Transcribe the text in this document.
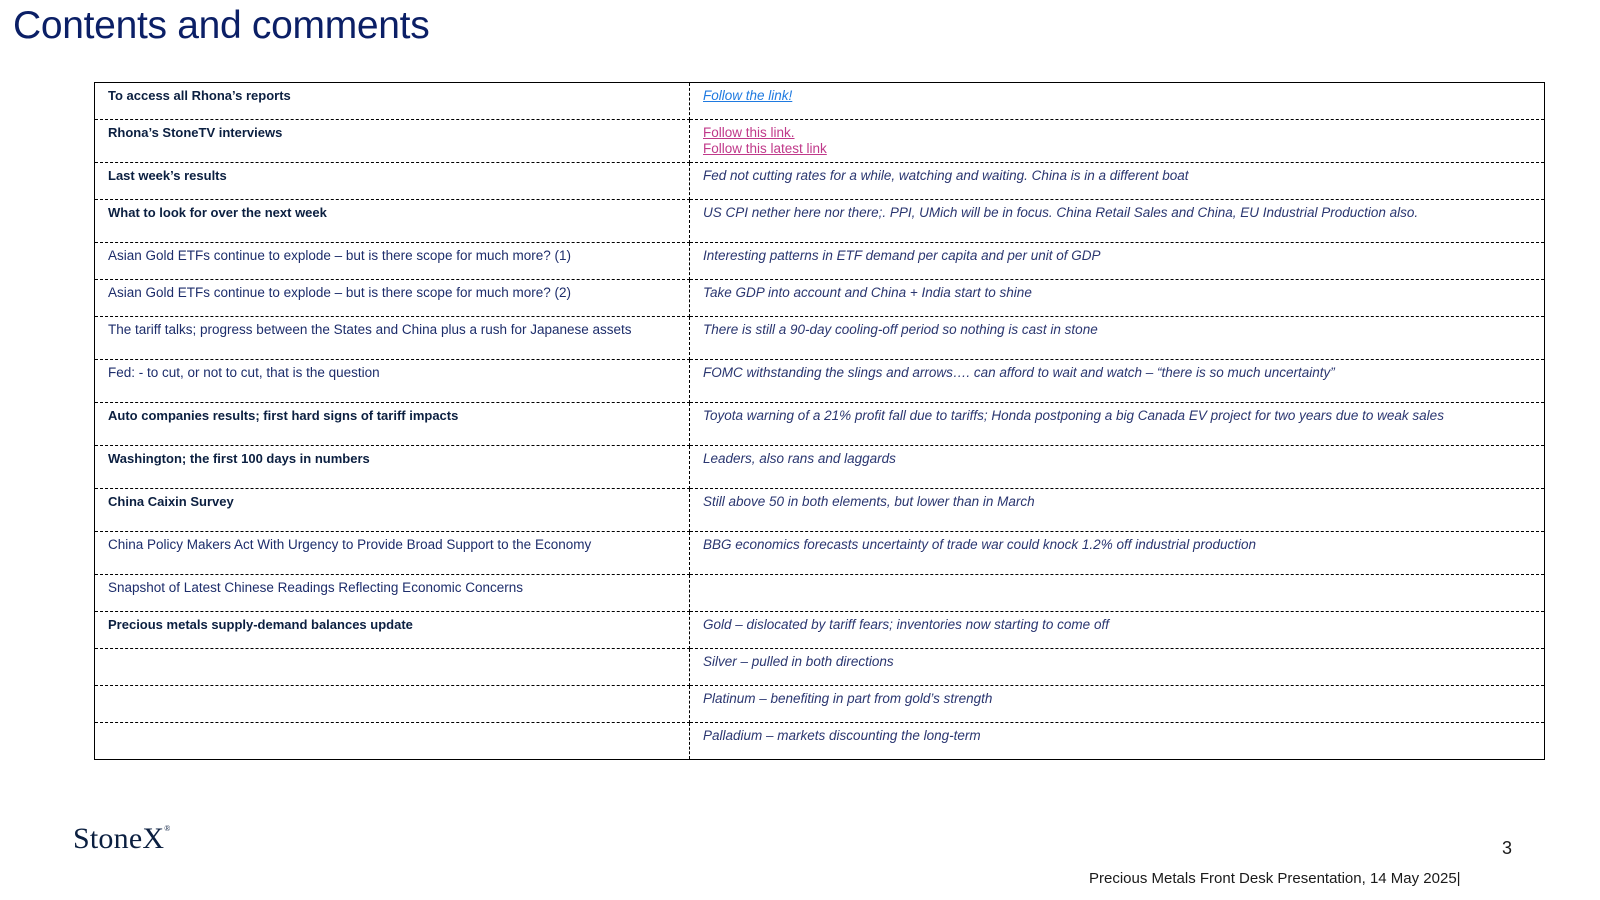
Contents and comments
To access all Rhona’s reports	Follow the link!
Rhona’s StoneTV interviews	Follow this link.
Follow this latest link

Last week’s results	Fed not cutting rates for a while, watching and waiting. China is in a different boat
What to look for over the next week	US CPI nether here nor there;. PPI, UMich will be in focus. China Retail Sales and China, EU Industrial Production also.
Asian Gold ETFs continue to explode – but is there scope for much more? (1)	Interesting patterns in ETF demand per capita and per unit of GDP
Asian Gold ETFs continue to explode – but is there scope for much more? (2)	Take GDP into account and China + India start to shine
The tariff talks; progress between the States and China plus a rush for Japanese assets	There is still a 90-day cooling-off period so nothing is cast in stone
Fed: - to cut, or not to cut, that is the question	FOMC withstanding the slings and arrows…. can afford to wait and watch – “there is so much uncertainty”
Auto companies results; first hard signs of tariff impacts	Toyota warning of a 21% profit fall due to tariffs; Honda postponing a big Canada EV project for two years due to weak sales
Washington; the first 100 days in numbers	Leaders, also rans and laggards
China Caixin Survey	Still above 50 in both elements, but lower than in March
China Policy Makers Act With Urgency to Provide Broad Support to the Economy	BBG economics forecasts uncertainty of trade war could knock 1.2% off industrial production
Snapshot of Latest Chinese Readings Reflecting Economic Concerns	
Precious metals supply-demand balances update	Gold – dislocated by tariff fears; inventories now starting to come off
	Silver – pulled in both directions
	Platinum – benefiting in part from gold’s strength
	Palladium – markets discounting the long-term
StoneX®
3
Precious Metals Front Desk Presentation, 14 May 2025|
